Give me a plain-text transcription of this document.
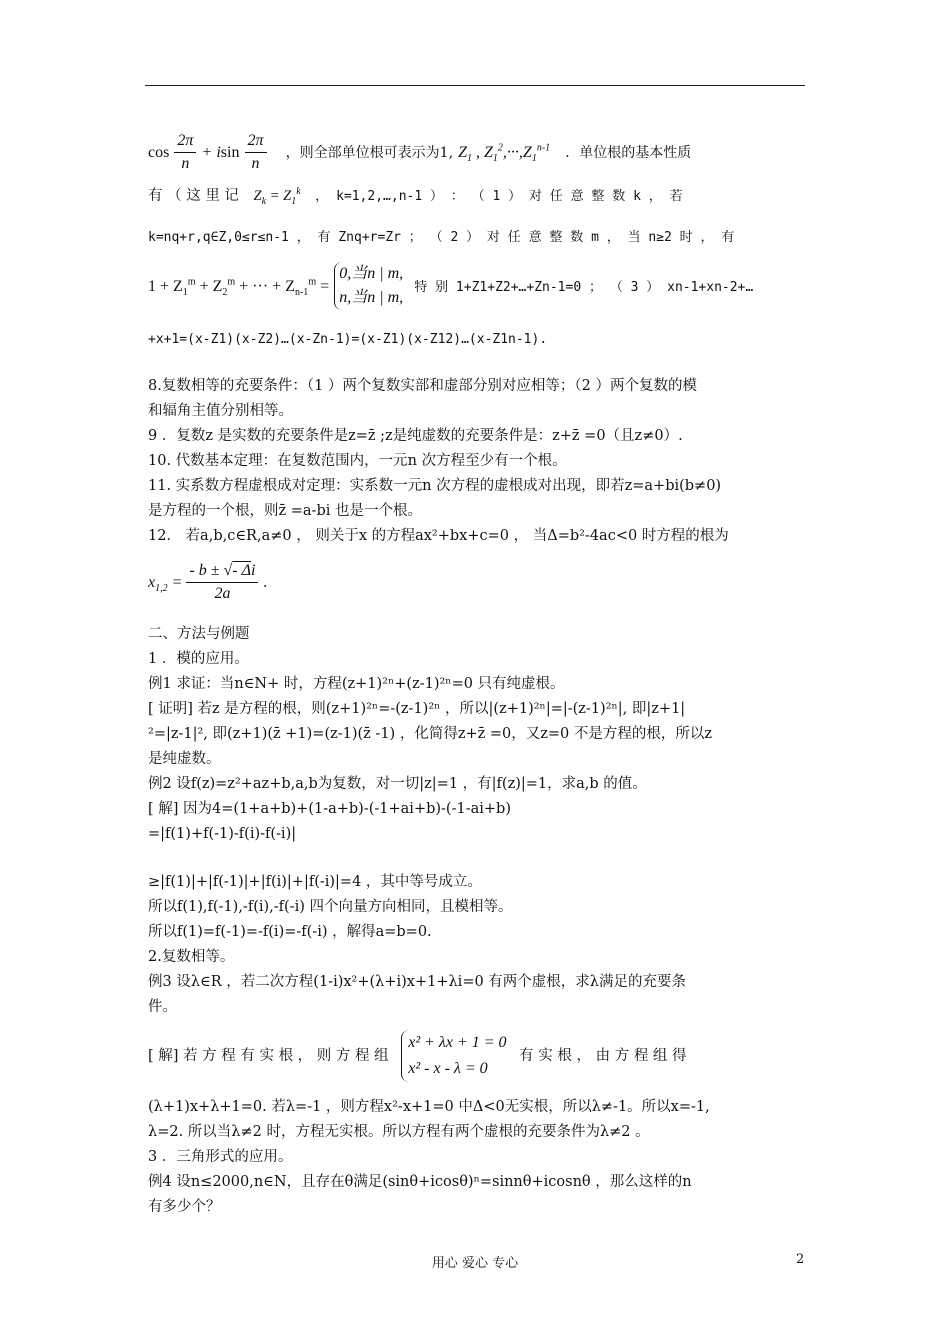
$\cos \frac{2\pi}{n} + isin \frac{2\pi}{n}$ ，则全部单位根可表示为1, $Z_1$ , $Z_1^2,\cdot\cdot\cdot,Z_1^{n-1}$ ．单位根的基本性质
有 （ 这 里 记 $Z_k = Z_1^k$ ， k=1,2,…,n-1 ） ： （ 1 ） 对 任 意 整 数 k ， 若
k=nq+r,q∈Z,0≤r≤n-1 ， 有 Znq+r=Zr ； （ 2 ） 对 任 意 整 数 m ， 当 n≥2 时 ， 有
$1 + Z_1^m + Z_2^m$ + ··· + $Z_{n-1}^m$ =
0,当n | m,
n,当n | m,
特 别 1+Z1+Z2+…+Zn-1=0 ； （ 3 ） xn-1+xn-2+…
+x+1=(x-Z1)(x-Z2)…(x-Zn-1)=(x-Z1)(x-Z12)…(x-Z1n-1).
8.复数相等的充要条件：（1 ）两个复数实部和虚部分别对应相等；（2 ）两个复数的模
和辐角主值分别相等。
9 ．复数z 是实数的充要条件是z=z̄ ;z是纯虚数的充要条件是：z+z̄ =0（且z≠0）.
10. 代数基本定理：在复数范围内，一元n 次方程至少有一个根。
11. 实系数方程虚根成对定理：实系数一元n 次方程的虚根成对出现，即若z=a+bi(b≠0)
是方程的一个根，则z̄ =a-bi 也是一个根。
12． 若a,b,c∈R,a≠0 ， 则关于x 的方程ax²+bx+c=0 ， 当Δ=b²-4ac<0 时方程的根为
$x_{1,2} = \frac{- b \pm √- \Delta i}{2a}$ .
二、方法与例题
1 ．模的应用。
例1 求证：当n∈N+ 时，方程(z+1)²ⁿ+(z-1)²ⁿ=0 只有纯虚根。
[ 证明] 若z 是方程的根，则(z+1)²ⁿ=-(z-1)²ⁿ ，所以|(z+1)²ⁿ|=|-(z-1)²ⁿ|, 即|z+1|
²=|z-1|², 即(z+1)(z̄ +1)=(z-1)(z̄ -1) ，化简得z+z̄ =0，又z=0 不是方程的根，所以z
是纯虚数。
例2 设f(z)=z²+az+b,a,b为复数，对一切|z|=1 ，有|f(z)|=1，求a,b 的值。
[ 解] 因为4=(1+a+b)+(1-a+b)-(-1+ai+b)-(-1-ai+b)
=|f(1)+f(-1)-f(i)-f(-i)|
≥|f(1)|+|f(-1)|+|f(i)|+|f(-i)|=4 ，其中等号成立。
所以f(1),f(-1),-f(i),-f(-i) 四个向量方向相同，且模相等。
所以f(1)=f(-1)=-f(i)=-f(-i) ，解得a=b=0.
2.复数相等。
例3 设λ∈R ，若二次方程(1-i)x²+(λ+i)x+1+λi=0 有两个虚根，求λ满足的充要条
件。
[ 解] 若 方 程 有 实 根 ， 则 方 程 组
x² + λx + 1 = 0
x² - x - λ = 0
有 实 根 ， 由 方 程 组 得
(λ+1)x+λ+1=0. 若λ=-1 ，则方程x²-x+1=0 中Δ<0无实根，所以λ≠-1。所以x=-1,
λ=2. 所以当λ≠2 时，方程无实根。所以方程有两个虚根的充要条件为λ≠2 。
3 ．三角形式的应用。
例4 设n≤2000,n∈N，且存在θ满足(sinθ+icosθ)ⁿ=sinnθ+icosnθ ，那么这样的n
有多少个？
用心 爱心 专心	2
